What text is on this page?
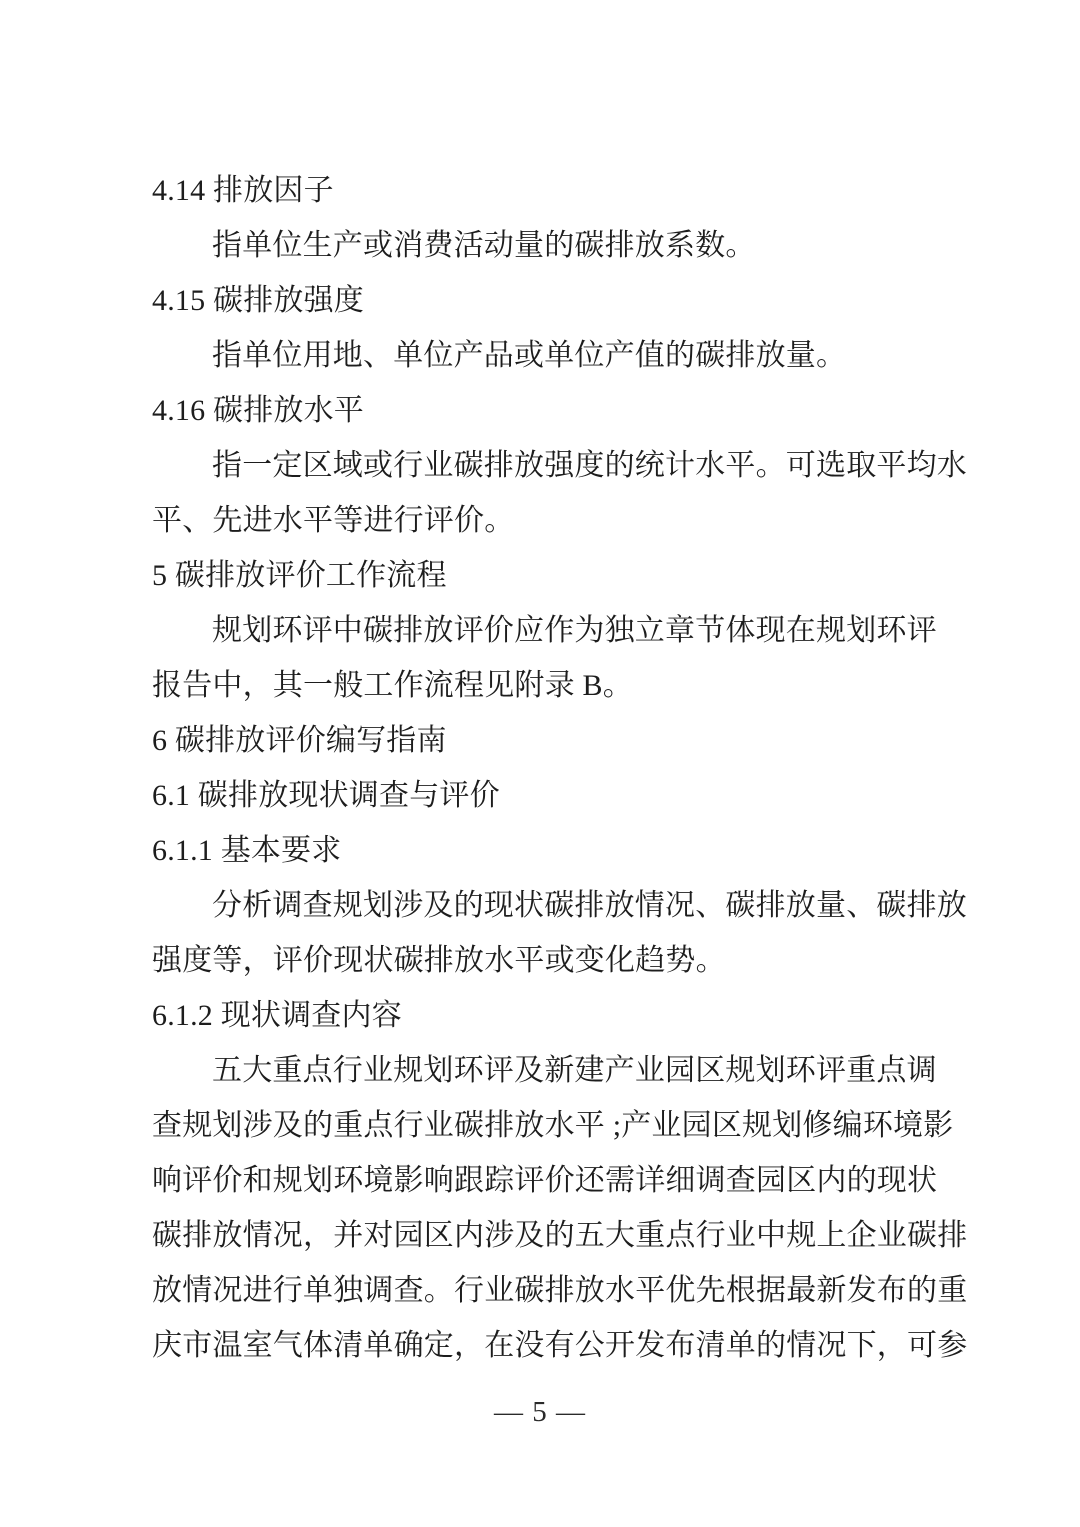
4.14 排放因子
指单位生产或消费活动量的碳排放系数。
4.15 碳排放强度
指单位用地、单位产品或单位产值的碳排放量。
4.16 碳排放水平
指一定区域或行业碳排放强度的统计水平。可选取平均水
平、先进水平等进行评价。
5 碳排放评价工作流程
规划环评中碳排放评价应作为独立章节体现在规划环评
报告中，其一般工作流程见附录 B。
6 碳排放评价编写指南
6.1 碳排放现状调查与评价
6.1.1 基本要求
分析调查规划涉及的现状碳排放情况、碳排放量、碳排放
强度等，评价现状碳排放水平或变化趋势。
6.1.2 现状调查内容
五大重点行业规划环评及新建产业园区规划环评重点调
查规划涉及的重点行业碳排放水平 ;产业园区规划修编环境影
响评价和规划环境影响跟踪评价还需详细调查园区内的现状
碳排放情况，并对园区内涉及的五大重点行业中规上企业碳排
放情况进行单独调查。行业碳排放水平优先根据最新发布的重
庆市温室气体清单确定，在没有公开发布清单的情况下，可参
— 5 —
